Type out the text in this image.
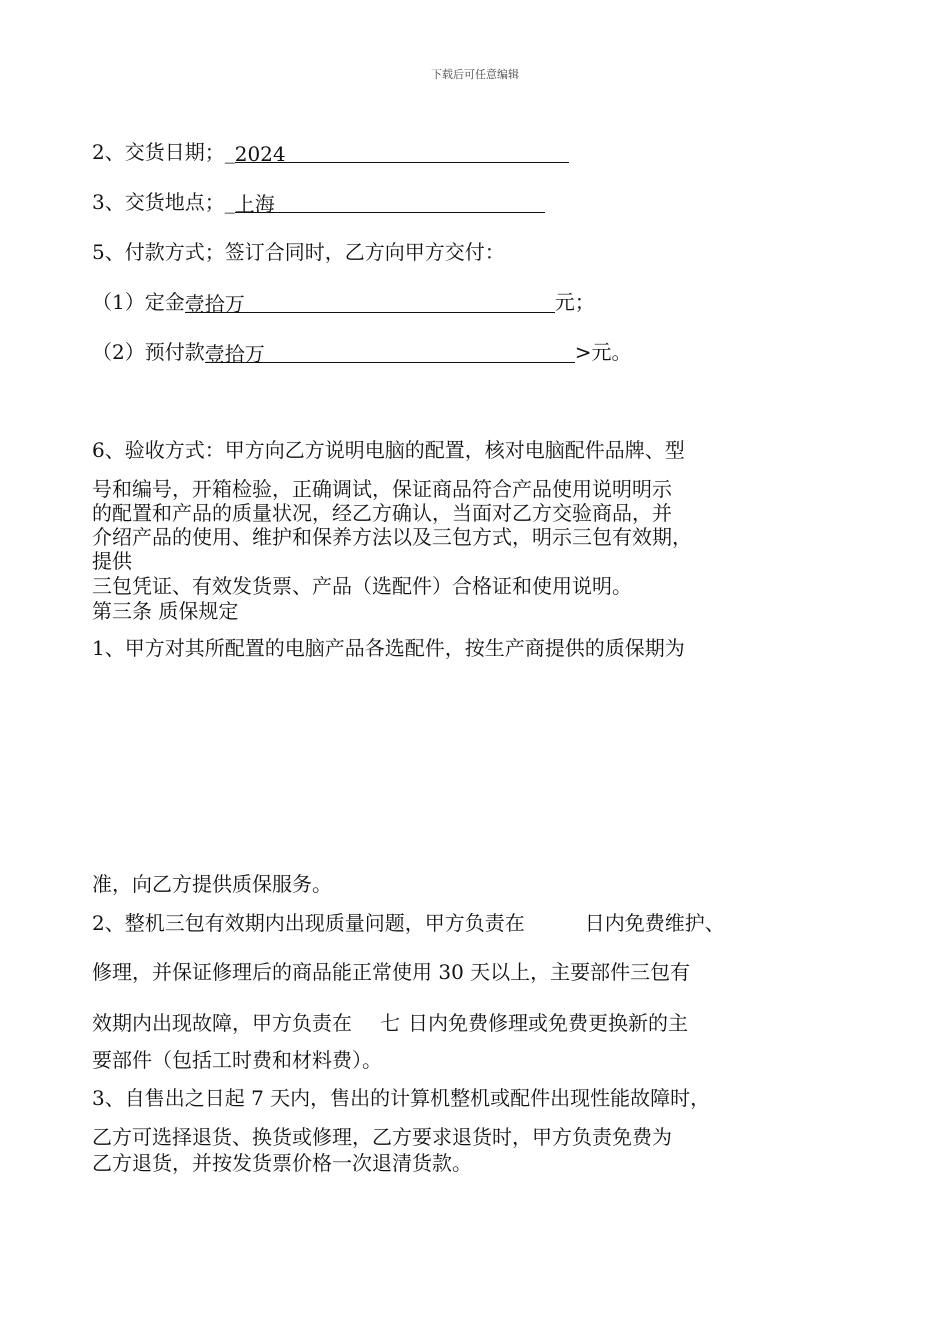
下载后可任意编辑
2、交货日期；_2024
3、交货地点；_上海
5、付款方式；签订合同时，乙方向甲方交付：
（1）定金壹拾万	元；
（2）预付款壹拾万	>元。
6、验收方式：甲方向乙方说明电脑的配置，核对电脑配件品牌、型
号和编号，开箱检验，正确调试，保证商品符合产品使用说明明示
的配置和产品的质量状况，经乙方确认，当面对乙方交验商品，并
介绍产品的使用、维护和保养方法以及三包方式，明示三包有效期，
提供
三包凭证、有效发货票、产品（选配件）合格证和使用说明。
第三条 质保规定
1、甲方对其所配置的电脑产品各选配件，按生产商提供的质保期为
准，向乙方提供质保服务。
2、整机三包有效期内出现质量问题，甲方负责在	日内免费维护、
修理，并保证修理后的商品能正常使用 30 天以上，主要部件三包有
效期内出现故障，甲方负责在 七 日内免费修理或免费更换新的主
要部件（包括工时费和材料费）。
3、自售出之日起 7 天内，售出的计算机整机或配件出现性能故障时，
乙方可选择退货、换货或修理，乙方要求退货时，甲方负责免费为
乙方退货，并按发货票价格一次退清货款。
